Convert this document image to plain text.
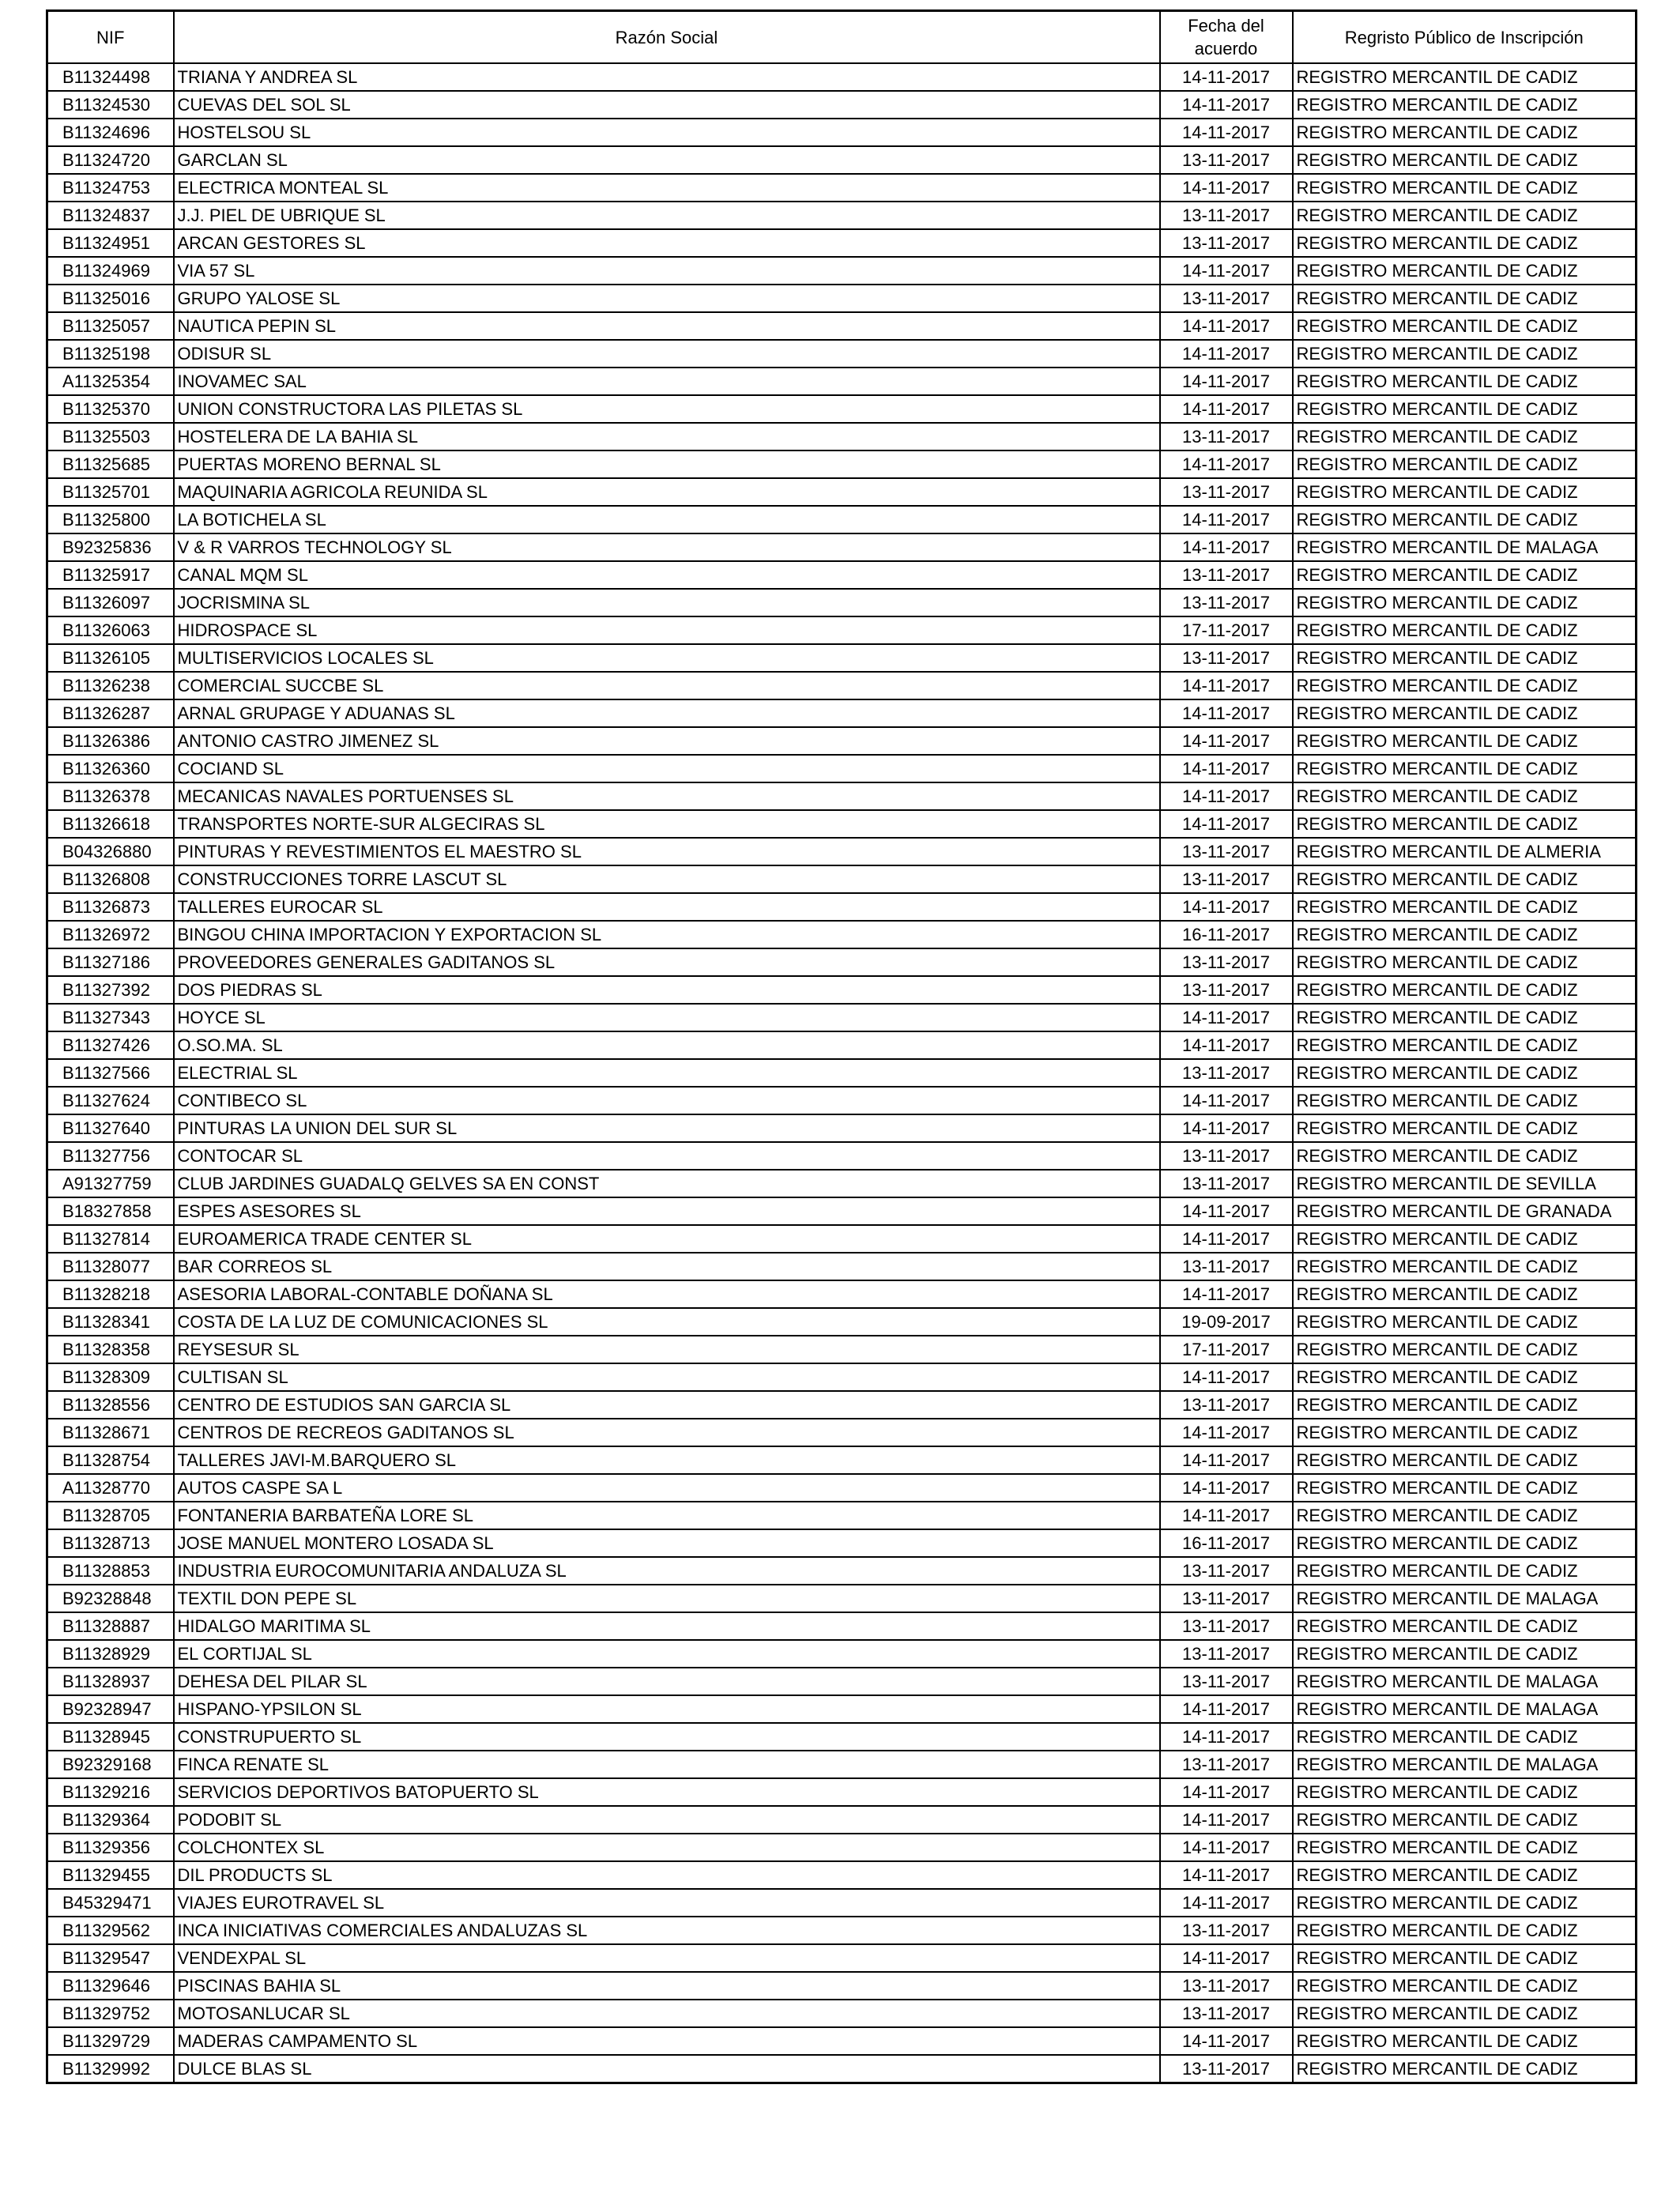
NIF	Razón Social	Fecha del acuerdo	Regristo Público de Inscripción
B11324498	TRIANA Y ANDREA SL	14-11-2017	REGISTRO MERCANTIL DE CADIZ
B11324530	CUEVAS DEL SOL SL	14-11-2017	REGISTRO MERCANTIL DE CADIZ
B11324696	HOSTELSOU SL	14-11-2017	REGISTRO MERCANTIL DE CADIZ
B11324720	GARCLAN SL	13-11-2017	REGISTRO MERCANTIL DE CADIZ
B11324753	ELECTRICA MONTEAL SL	14-11-2017	REGISTRO MERCANTIL DE CADIZ
B11324837	J.J. PIEL DE UBRIQUE SL	13-11-2017	REGISTRO MERCANTIL DE CADIZ
B11324951	ARCAN GESTORES SL	13-11-2017	REGISTRO MERCANTIL DE CADIZ
B11324969	VIA 57 SL	14-11-2017	REGISTRO MERCANTIL DE CADIZ
B11325016	GRUPO YALOSE SL	13-11-2017	REGISTRO MERCANTIL DE CADIZ
B11325057	NAUTICA PEPIN SL	14-11-2017	REGISTRO MERCANTIL DE CADIZ
B11325198	ODISUR SL	14-11-2017	REGISTRO MERCANTIL DE CADIZ
A11325354	INOVAMEC SAL	14-11-2017	REGISTRO MERCANTIL DE CADIZ
B11325370	UNION CONSTRUCTORA LAS PILETAS SL	14-11-2017	REGISTRO MERCANTIL DE CADIZ
B11325503	HOSTELERA DE LA BAHIA SL	13-11-2017	REGISTRO MERCANTIL DE CADIZ
B11325685	PUERTAS MORENO BERNAL SL	14-11-2017	REGISTRO MERCANTIL DE CADIZ
B11325701	MAQUINARIA AGRICOLA REUNIDA SL	13-11-2017	REGISTRO MERCANTIL DE CADIZ
B11325800	LA BOTICHELA SL	14-11-2017	REGISTRO MERCANTIL DE CADIZ
B92325836	V & R VARROS TECHNOLOGY SL	14-11-2017	REGISTRO MERCANTIL DE MALAGA
B11325917	CANAL MQM SL	13-11-2017	REGISTRO MERCANTIL DE CADIZ
B11326097	JOCRISMINA SL	13-11-2017	REGISTRO MERCANTIL DE CADIZ
B11326063	HIDROSPACE SL	17-11-2017	REGISTRO MERCANTIL DE CADIZ
B11326105	MULTISERVICIOS LOCALES SL	13-11-2017	REGISTRO MERCANTIL DE CADIZ
B11326238	COMERCIAL SUCCBE SL	14-11-2017	REGISTRO MERCANTIL DE CADIZ
B11326287	ARNAL GRUPAGE Y ADUANAS SL	14-11-2017	REGISTRO MERCANTIL DE CADIZ
B11326386	ANTONIO CASTRO JIMENEZ SL	14-11-2017	REGISTRO MERCANTIL DE CADIZ
B11326360	COCIAND SL	14-11-2017	REGISTRO MERCANTIL DE CADIZ
B11326378	MECANICAS NAVALES PORTUENSES SL	14-11-2017	REGISTRO MERCANTIL DE CADIZ
B11326618	TRANSPORTES NORTE-SUR ALGECIRAS SL	14-11-2017	REGISTRO MERCANTIL DE CADIZ
B04326880	PINTURAS Y REVESTIMIENTOS EL MAESTRO SL	13-11-2017	REGISTRO MERCANTIL DE ALMERIA
B11326808	CONSTRUCCIONES TORRE LASCUT SL	13-11-2017	REGISTRO MERCANTIL DE CADIZ
B11326873	TALLERES EUROCAR SL	14-11-2017	REGISTRO MERCANTIL DE CADIZ
B11326972	BINGOU CHINA IMPORTACION Y EXPORTACION SL	16-11-2017	REGISTRO MERCANTIL DE CADIZ
B11327186	PROVEEDORES GENERALES GADITANOS SL	13-11-2017	REGISTRO MERCANTIL DE CADIZ
B11327392	DOS PIEDRAS SL	13-11-2017	REGISTRO MERCANTIL DE CADIZ
B11327343	HOYCE SL	14-11-2017	REGISTRO MERCANTIL DE CADIZ
B11327426	O.SO.MA. SL	14-11-2017	REGISTRO MERCANTIL DE CADIZ
B11327566	ELECTRIAL SL	13-11-2017	REGISTRO MERCANTIL DE CADIZ
B11327624	CONTIBECO SL	14-11-2017	REGISTRO MERCANTIL DE CADIZ
B11327640	PINTURAS LA UNION DEL SUR SL	14-11-2017	REGISTRO MERCANTIL DE CADIZ
B11327756	CONTOCAR SL	13-11-2017	REGISTRO MERCANTIL DE CADIZ
A91327759	CLUB JARDINES GUADALQ GELVES SA EN CONST	13-11-2017	REGISTRO MERCANTIL DE SEVILLA
B18327858	ESPES ASESORES SL	14-11-2017	REGISTRO MERCANTIL DE GRANADA
B11327814	EUROAMERICA TRADE CENTER SL	14-11-2017	REGISTRO MERCANTIL DE CADIZ
B11328077	BAR CORREOS SL	13-11-2017	REGISTRO MERCANTIL DE CADIZ
B11328218	ASESORIA LABORAL-CONTABLE DOÑANA SL	14-11-2017	REGISTRO MERCANTIL DE CADIZ
B11328341	COSTA DE LA LUZ DE COMUNICACIONES SL	19-09-2017	REGISTRO MERCANTIL DE CADIZ
B11328358	REYSESUR SL	17-11-2017	REGISTRO MERCANTIL DE CADIZ
B11328309	CULTISAN SL	14-11-2017	REGISTRO MERCANTIL DE CADIZ
B11328556	CENTRO DE ESTUDIOS SAN GARCIA SL	13-11-2017	REGISTRO MERCANTIL DE CADIZ
B11328671	CENTROS DE RECREOS GADITANOS SL	14-11-2017	REGISTRO MERCANTIL DE CADIZ
B11328754	TALLERES JAVI-M.BARQUERO SL	14-11-2017	REGISTRO MERCANTIL DE CADIZ
A11328770	AUTOS CASPE SA L	14-11-2017	REGISTRO MERCANTIL DE CADIZ
B11328705	FONTANERIA BARBATEÑA LORE SL	14-11-2017	REGISTRO MERCANTIL DE CADIZ
B11328713	JOSE MANUEL MONTERO LOSADA SL	16-11-2017	REGISTRO MERCANTIL DE CADIZ
B11328853	INDUSTRIA EUROCOMUNITARIA ANDALUZA SL	13-11-2017	REGISTRO MERCANTIL DE CADIZ
B92328848	TEXTIL DON PEPE SL	13-11-2017	REGISTRO MERCANTIL DE MALAGA
B11328887	HIDALGO MARITIMA SL	13-11-2017	REGISTRO MERCANTIL DE CADIZ
B11328929	EL CORTIJAL SL	13-11-2017	REGISTRO MERCANTIL DE CADIZ
B11328937	DEHESA DEL PILAR SL	13-11-2017	REGISTRO MERCANTIL DE MALAGA
B92328947	HISPANO-YPSILON SL	14-11-2017	REGISTRO MERCANTIL DE MALAGA
B11328945	CONSTRUPUERTO SL	14-11-2017	REGISTRO MERCANTIL DE CADIZ
B92329168	FINCA RENATE SL	13-11-2017	REGISTRO MERCANTIL DE MALAGA
B11329216	SERVICIOS DEPORTIVOS BATOPUERTO SL	14-11-2017	REGISTRO MERCANTIL DE CADIZ
B11329364	PODOBIT SL	14-11-2017	REGISTRO MERCANTIL DE CADIZ
B11329356	COLCHONTEX SL	14-11-2017	REGISTRO MERCANTIL DE CADIZ
B11329455	DIL PRODUCTS SL	14-11-2017	REGISTRO MERCANTIL DE CADIZ
B45329471	VIAJES EUROTRAVEL SL	14-11-2017	REGISTRO MERCANTIL DE CADIZ
B11329562	INCA INICIATIVAS COMERCIALES ANDALUZAS SL	13-11-2017	REGISTRO MERCANTIL DE CADIZ
B11329547	VENDEXPAL SL	14-11-2017	REGISTRO MERCANTIL DE CADIZ
B11329646	PISCINAS BAHIA SL	13-11-2017	REGISTRO MERCANTIL DE CADIZ
B11329752	MOTOSANLUCAR SL	13-11-2017	REGISTRO MERCANTIL DE CADIZ
B11329729	MADERAS CAMPAMENTO SL	14-11-2017	REGISTRO MERCANTIL DE CADIZ
B11329992	DULCE BLAS SL	13-11-2017	REGISTRO MERCANTIL DE CADIZ
